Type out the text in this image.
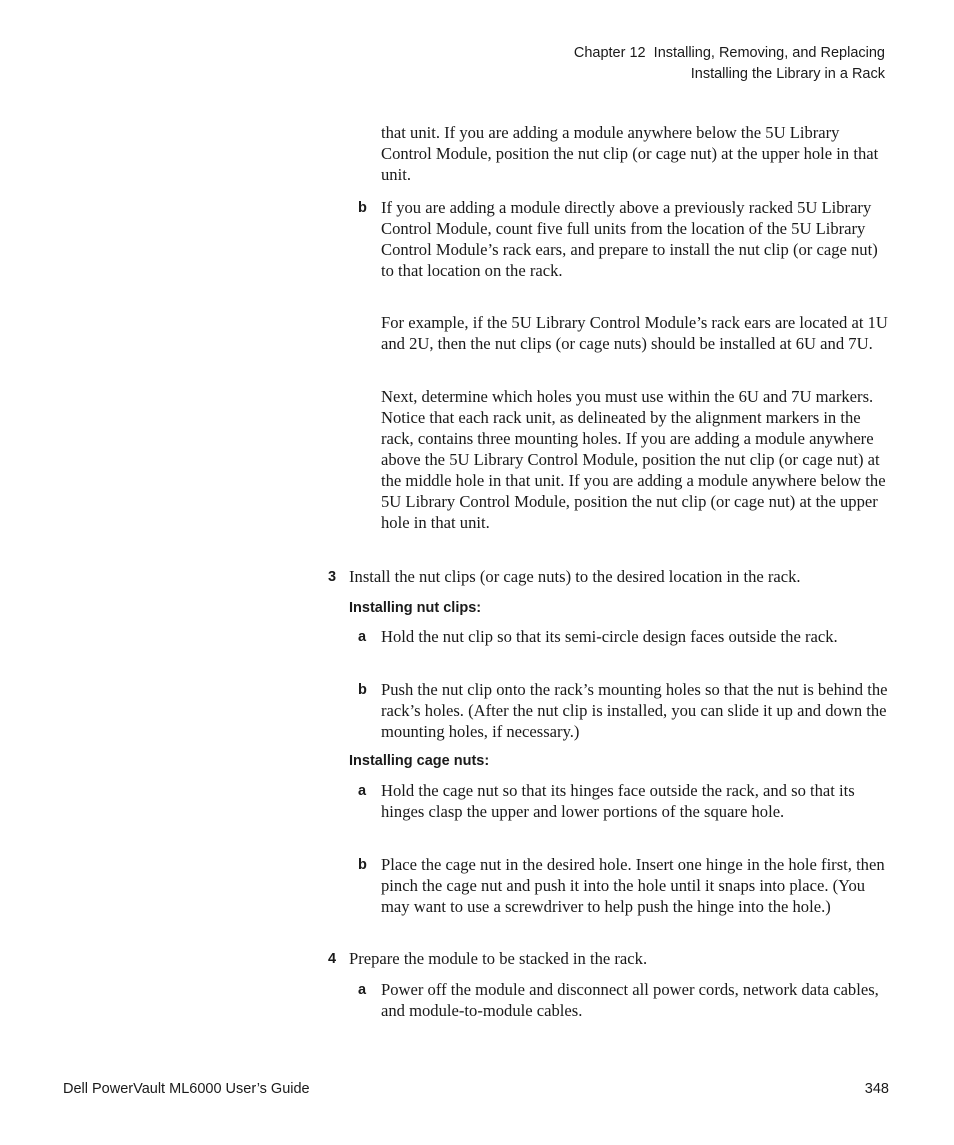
Chapter 12  Installing, Removing, and Replacing
Installing the Library in a Rack

that unit. If you are adding a module anywhere below the 5U Library Control Module, position the nut clip (or cage nut) at the upper hole in that unit.

b If you are adding a module directly above a previously racked 5U Library Control Module, count five full units from the location of the 5U Library Control Module’s rack ears, and prepare to install the nut clip (or cage nut) to that location on the rack.

For example, if the 5U Library Control Module’s rack ears are located at 1U and 2U, then the nut clips (or cage nuts) should be installed at 6U and 7U.

Next, determine which holes you must use within the 6U and 7U markers. Notice that each rack unit, as delineated by the alignment markers in the rack, contains three mounting holes. If you are adding a module anywhere above the 5U Library Control Module, position the nut clip (or cage nut) at the middle hole in that unit. If you are adding a module anywhere below the 5U Library Control Module, position the nut clip (or cage nut) at the upper hole in that unit.

3 Install the nut clips (or cage nuts) to the desired location in the rack.
Installing nut clips:
a Hold the nut clip so that its semi-circle design faces outside the rack.
b Push the nut clip onto the rack’s mounting holes so that the nut is behind the rack’s holes. (After the nut clip is installed, you can slide it up and down the mounting holes, if necessary.)
Installing cage nuts:
a Hold the cage nut so that its hinges face outside the rack, and so that its hinges clasp the upper and lower portions of the square hole.
b Place the cage nut in the desired hole. Insert one hinge in the hole first, then pinch the cage nut and push it into the hole until it snaps into place. (You may want to use a screwdriver to help push the hinge into the hole.)
4 Prepare the module to be stacked in the rack.
a Power off the module and disconnect all power cords, network data cables, and module-to-module cables.
Dell PowerVault ML6000 User’s Guide	348
